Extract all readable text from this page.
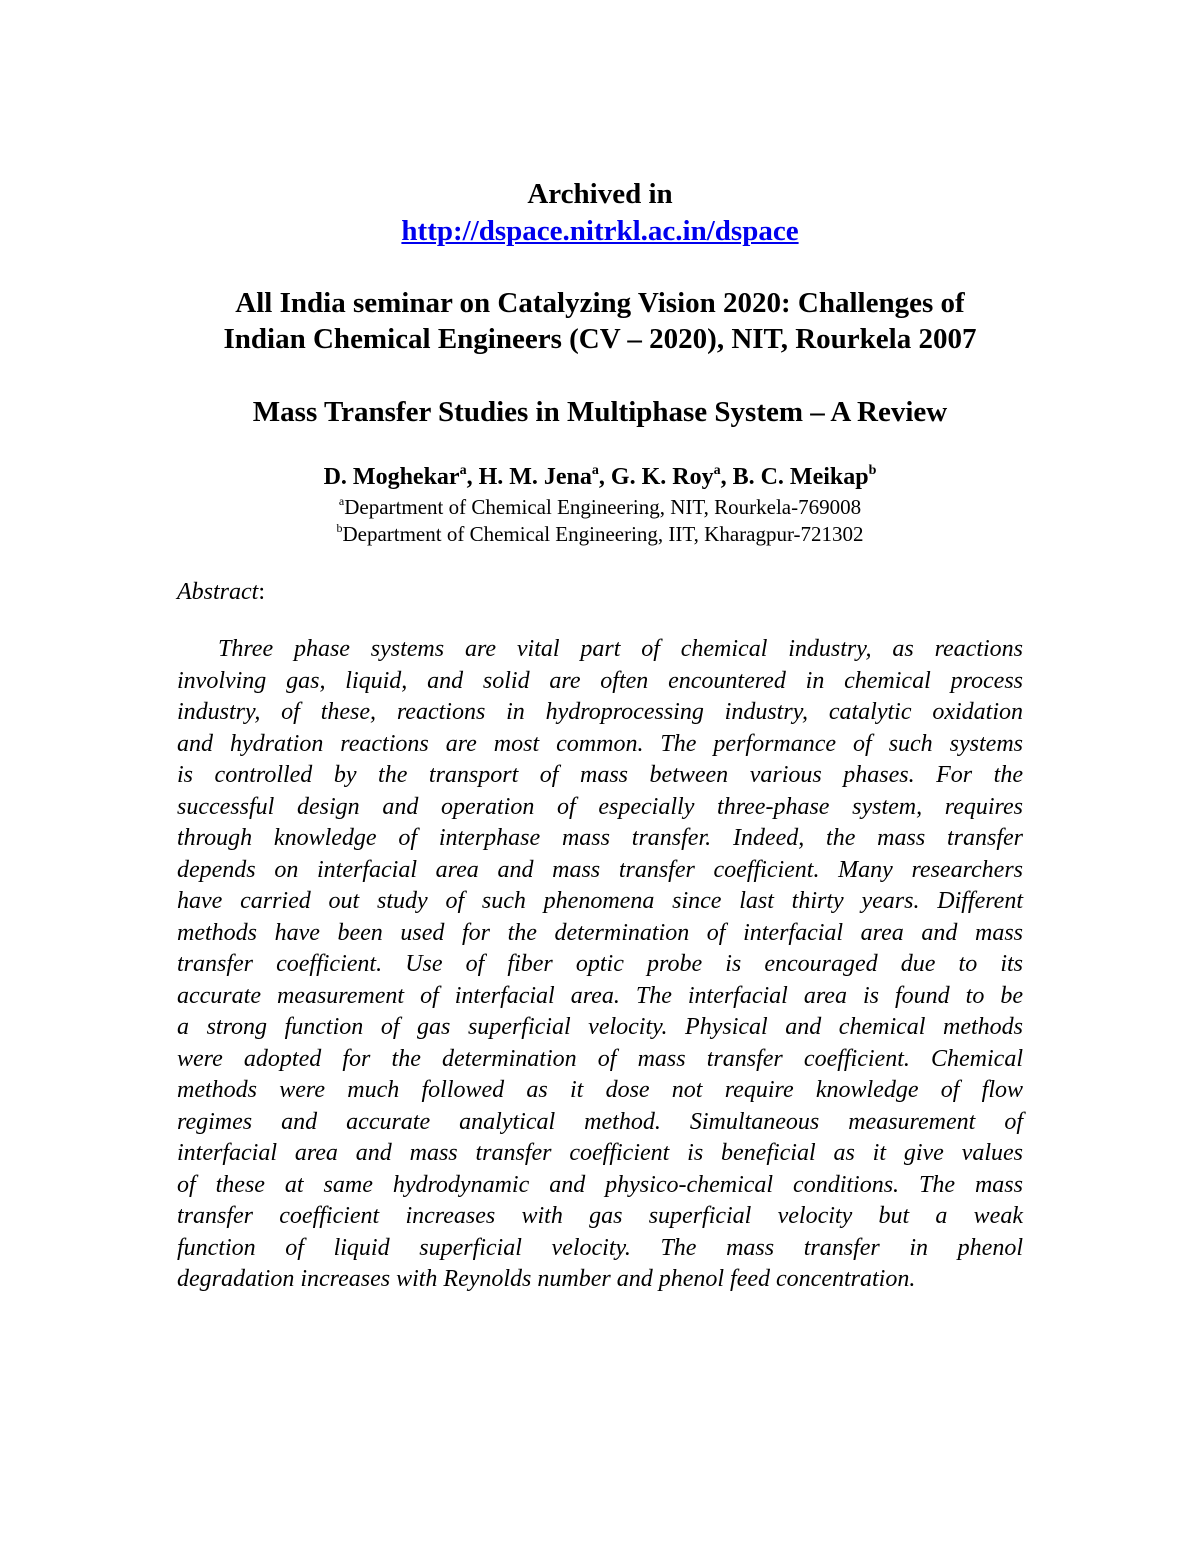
Archived in
http://dspace.nitrkl.ac.in/dspace
All India seminar on Catalyzing Vision 2020: Challenges of
Indian Chemical Engineers (CV – 2020), NIT, Rourkela 2007
Mass Transfer Studies in Multiphase System – A Review
D. Moghekar$^a$, H. M. Jena$^a$, G. K. Roy$^a$, B. C. Meikap$^b$
$^a$Department of Chemical Engineering, NIT, Rourkela-769008
$^b$Department of Chemical Engineering, IIT, Kharagpur-721302
Abstract:
Three phase systems are vital part of chemical industry, as reactions
involving gas, liquid, and solid are often encountered in chemical process
industry, of these, reactions in hydroprocessing industry, catalytic oxidation
and hydration reactions are most common. The performance of such systems
is controlled by the transport of mass between various phases. For the
successful design and operation of especially three-phase system, requires
through knowledge of interphase mass transfer. Indeed, the mass transfer
depends on interfacial area and mass transfer coefficient. Many researchers
have carried out study of such phenomena since last thirty years. Different
methods have been used for the determination of interfacial area and mass
transfer coefficient. Use of fiber optic probe is encouraged due to its
accurate measurement of interfacial area. The interfacial area is found to be
a strong function of gas superficial velocity. Physical and chemical methods
were adopted for the determination of mass transfer coefficient. Chemical
methods were much followed as it dose not require knowledge of flow
regimes and accurate analytical method. Simultaneous measurement of
interfacial area and mass transfer coefficient is beneficial as it give values
of these at same hydrodynamic and physico-chemical conditions. The mass
transfer coefficient increases with gas superficial velocity but a weak
function of liquid superficial velocity. The mass transfer in phenol
degradation increases with Reynolds number and phenol feed concentration.
